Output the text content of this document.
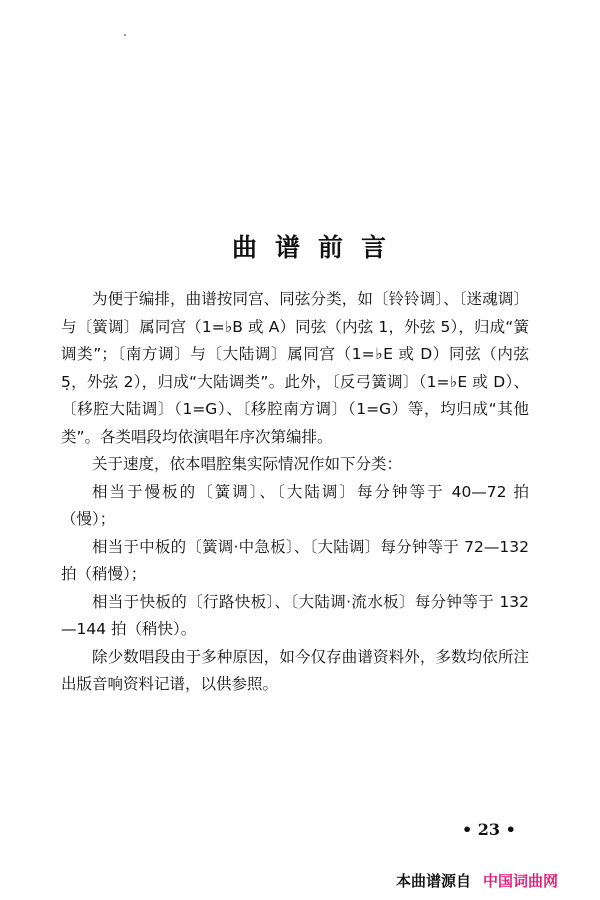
曲谱前言

为便于编排，曲谱按同宫、同弦分类，如〔铃铃调〕、〔迷魂调〕与〔簧调〕属同宫（1=♭B 或 A）同弦（内弦 1，外弦 5），归成“簧调类”；〔南方调〕与〔大陆调〕属同宫（1=♭E 或 D）同弦（内弦 5̣，外弦 2），归成“大陆调类”。此外，〔反弓簧调〕（1=♭E 或 D）、〔移腔大陆调〕（1=G）、〔移腔南方调〕（1=G）等，均归成“其他类”。各类唱段均依演唱年序次第编排。

关于速度，依本唱腔集实际情况作如下分类：

相当于慢板的〔簧调〕、〔大陆调〕每分钟等于 40—72 拍（慢）；

相当于中板的〔簧调·中急板〕、〔大陆调〕每分钟等于 72—132 拍（稍慢）；

相当于快板的〔行路快板〕、〔大陆调·流水板〕每分钟等于 132—144 拍（稍快）。

除少数唱段由于多种原因，如今仅存曲谱资料外，多数均依所注出版音响资料记谱，以供参照。

• 23 •
本曲谱源自 中国词曲网
